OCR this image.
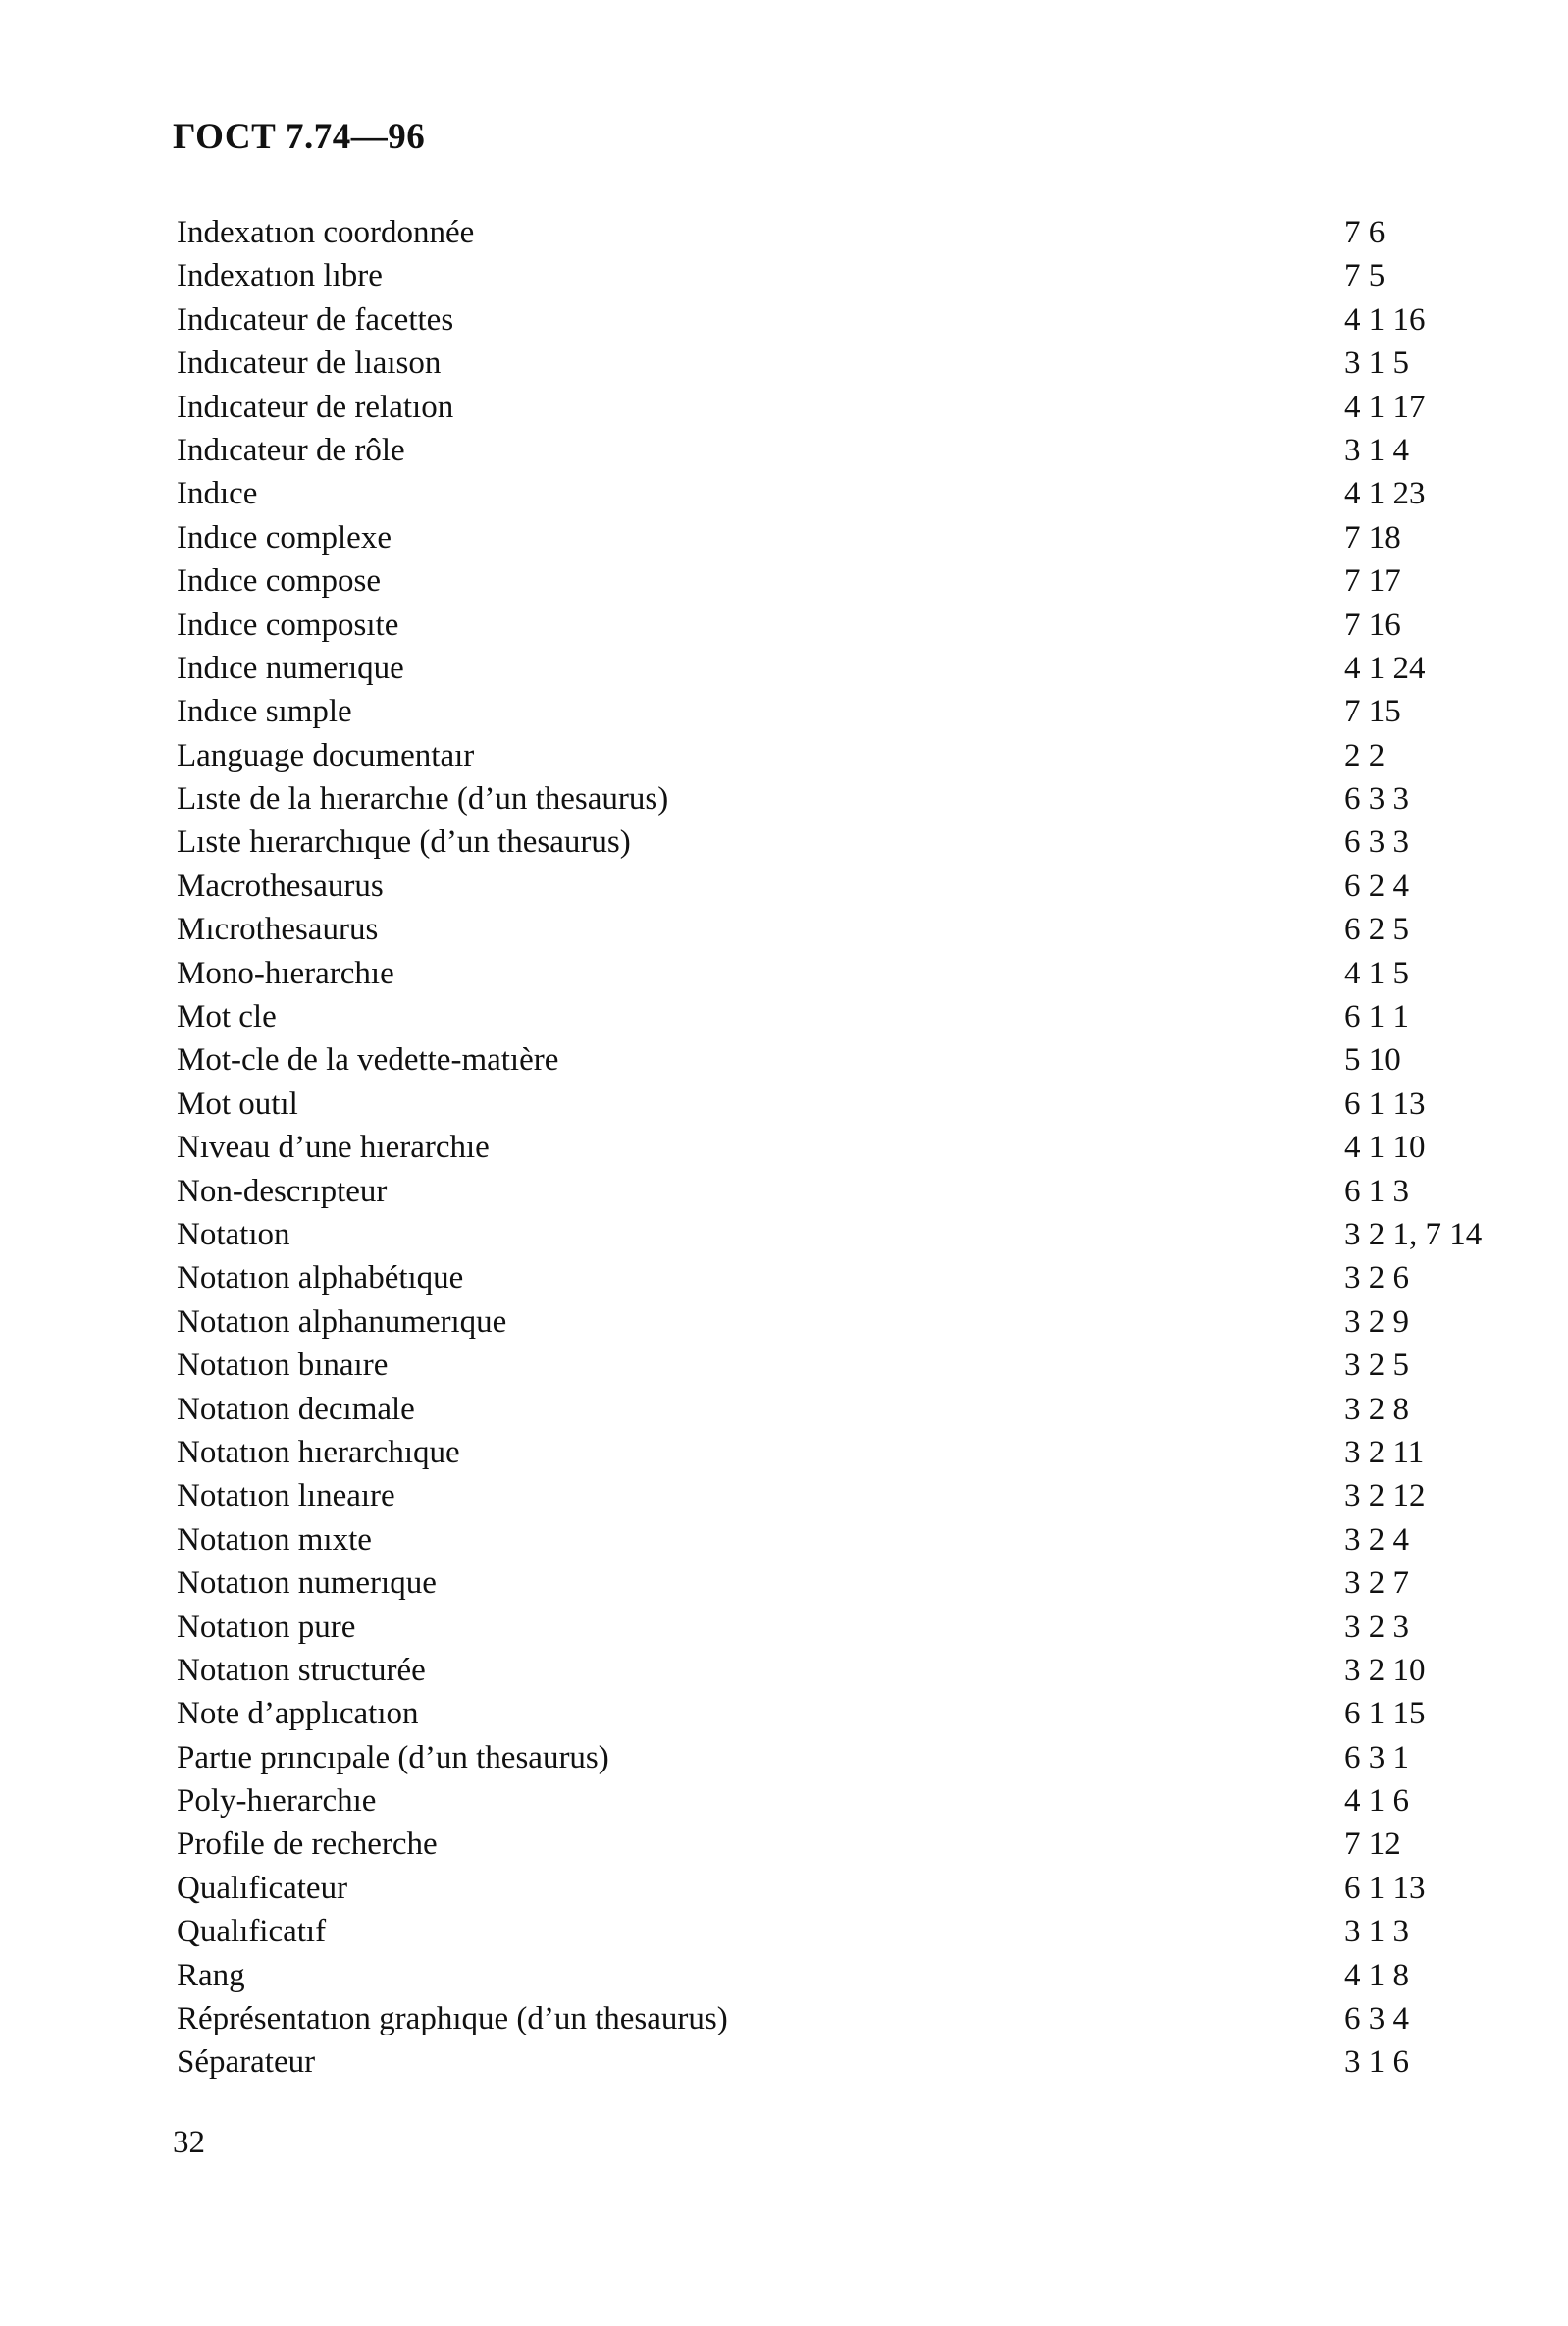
ГОСТ 7.74—96
Indexatıon coordonnée	7 6
Indexatıon lıbre	7 5
Indıcateur de facettes	4 1 16
Indıcateur de lıaıson	3 1 5
Indıcateur de relatıon	4 1 17
Indıcateur de rôle	3 1 4
Indıce	4 1 23
Indıce complexe	7 18
Indıce compose	7 17
Indıce composıte	7 16
Indıce numerıque	4 1 24
Indıce sımple	7 15
Language documentaır	2 2
Lıste de la hıerarchıe (d’un thesaurus)	6 3 3
Lıste hıerarchıque (d’un thesaurus)	6 3 3
Macrothesaurus	6 2 4
Mıcrothesaurus	6 2 5
Mono-hıerarchıe	4 1 5
Mot cle	6 1 1
Mot-cle de la vedette-matıère	5 10
Mot outıl	6 1 13
Nıveau d’une hıerarchıe	4 1 10
Non-descrıpteur	6 1 3
Notatıon	3 2 1, 7 14
Notatıon alphabétıque	3 2 6
Notatıon alphanumerıque	3 2 9
Notatıon bınaıre	3 2 5
Notatıon decımale	3 2 8
Notatıon hıerarchıque	3 2 11
Notatıon lıneaıre	3 2 12
Notatıon mıxte	3 2 4
Notatıon numerıque	3 2 7
Notatıon pure	3 2 3
Notatıon structurée	3 2 10
Note d’applıcatıon	6 1 15
Partıe prıncıpale (d’un thesaurus)	6 3 1
Poly-hıerarchıe	4 1 6
Profile de recherche	7 12
Qualıficateur	6 1 13
Qualıficatıf	3 1 3
Rang	4 1 8
Réprésentatıon graphıque (d’un thesaurus)	6 3 4
Séparateur	3 1 6
32
